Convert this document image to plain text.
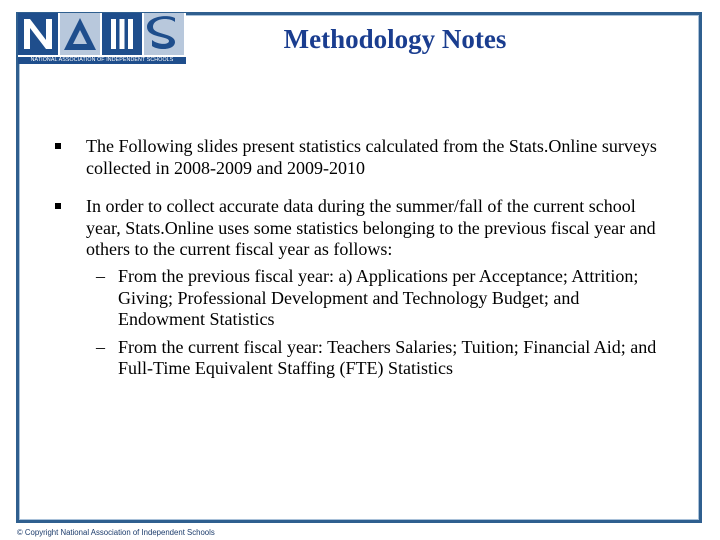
NATIONAL ASSOCIATION OF INDEPENDENT SCHOOLS
Methodology Notes
The Following slides present statistics calculated from the Stats.Online surveys collected in 2008-2009 and 2009-2010
In order to collect accurate data during the summer/fall of the current school year, Stats.Online uses some statistics belonging to the previous fiscal year and others to the current fiscal year as follows:
– From the previous fiscal year: a) Applications per Acceptance; Attrition; Giving; Professional Development and Technology Budget; and Endowment Statistics
– From the current fiscal year: Teachers Salaries; Tuition; Financial Aid; and Full-Time Equivalent Staffing (FTE) Statistics
© Copyright National Association of Independent Schools
